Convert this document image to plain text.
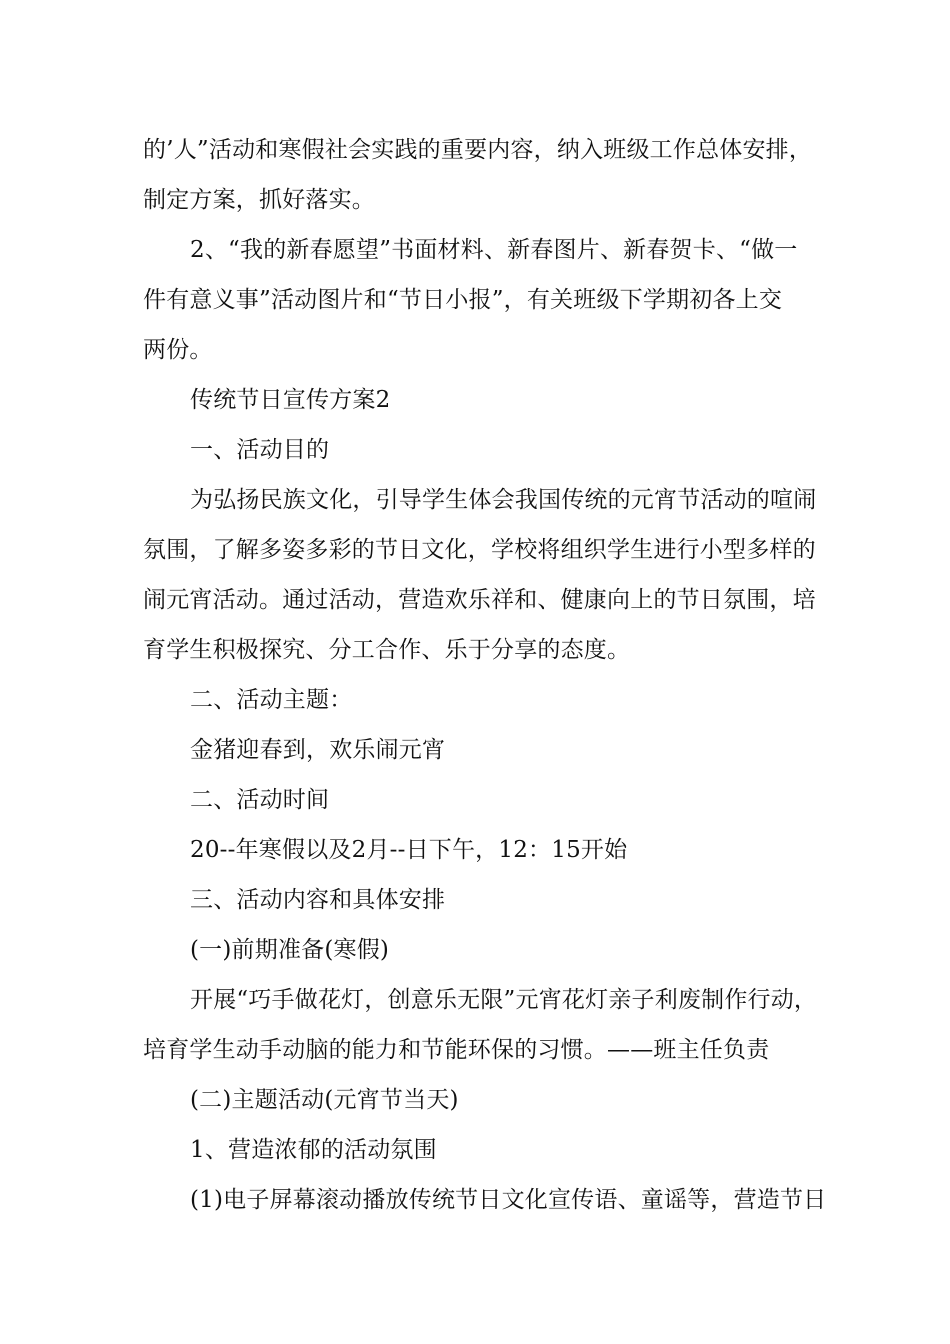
的’人”活动和寒假社会实践的重要内容，纳入班级工作总体安排，
制定方案，抓好落实。
2、“我的新春愿望”书面材料、新春图片、新春贺卡、“做一
件有意义事”活动图片和“节日小报”，有关班级下学期初各上交
两份。
传统节日宣传方案2
一、活动目的
为弘扬民族文化，引导学生体会我国传统的元宵节活动的喧闹
氛围，了解多姿多彩的节日文化，学校将组织学生进行小型多样的
闹元宵活动。通过活动，营造欢乐祥和、健康向上的节日氛围，培
育学生积极探究、分工合作、乐于分享的态度。
二、活动主题：
金猪迎春到，欢乐闹元宵
二、活动时间
20--年寒假以及2月--日下午，12：15开始
三、活动内容和具体安排
(一)前期准备(寒假)
开展“巧手做花灯，创意乐无限”元宵花灯亲子利废制作行动，
培育学生动手动脑的能力和节能环保的习惯。——班主任负责
(二)主题活动(元宵节当天)
1、营造浓郁的活动氛围
(1)电子屏幕滚动播放传统节日文化宣传语、童谣等，营造节日
